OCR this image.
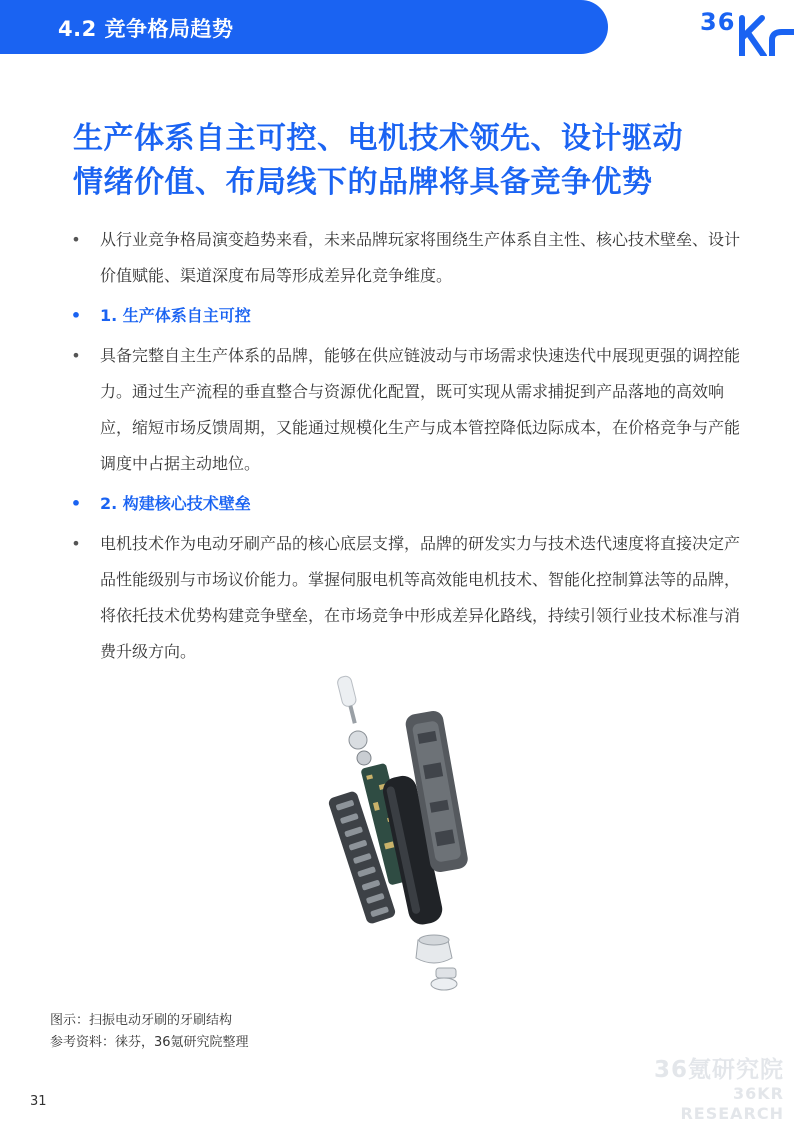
4.2 竞争格局趋势	36
生产体系自主可控、电机技术领先、设计驱动
情绪价值、布局线下的品牌将具备竞争优势
• 从行业竞争格局演变趋势来看，未来品牌玩家将围绕生产体系自主性、核心技术壁垒、设计价值赋能、渠道深度布局等形成差异化竞争维度。
• 1. 生产体系自主可控
• 具备完整自主生产体系的品牌，能够在供应链波动与市场需求快速迭代中展现更强的调控能力。通过生产流程的垂直整合与资源优化配置，既可实现从需求捕捉到产品落地的高效响应，缩短市场反馈周期，又能通过规模化生产与成本管控降低边际成本，在价格竞争与产能调度中占据主动地位。
• 2. 构建核心技术壁垒
• 电机技术作为电动牙刷产品的核心底层支撑，品牌的研发实力与技术迭代速度将直接决定产品性能级别与市场议价能力。掌握伺服电机等高效能电机技术、智能化控制算法等的品牌，将依托技术优势构建竞争壁垒，在市场竞争中形成差异化路线，持续引领行业技术标准与消费升级方向。
图示：扫振电动牙刷的牙刷结构
参考资料：徕芬，36氪研究院整理
36氪研究院
36KR RESEARCH
31
